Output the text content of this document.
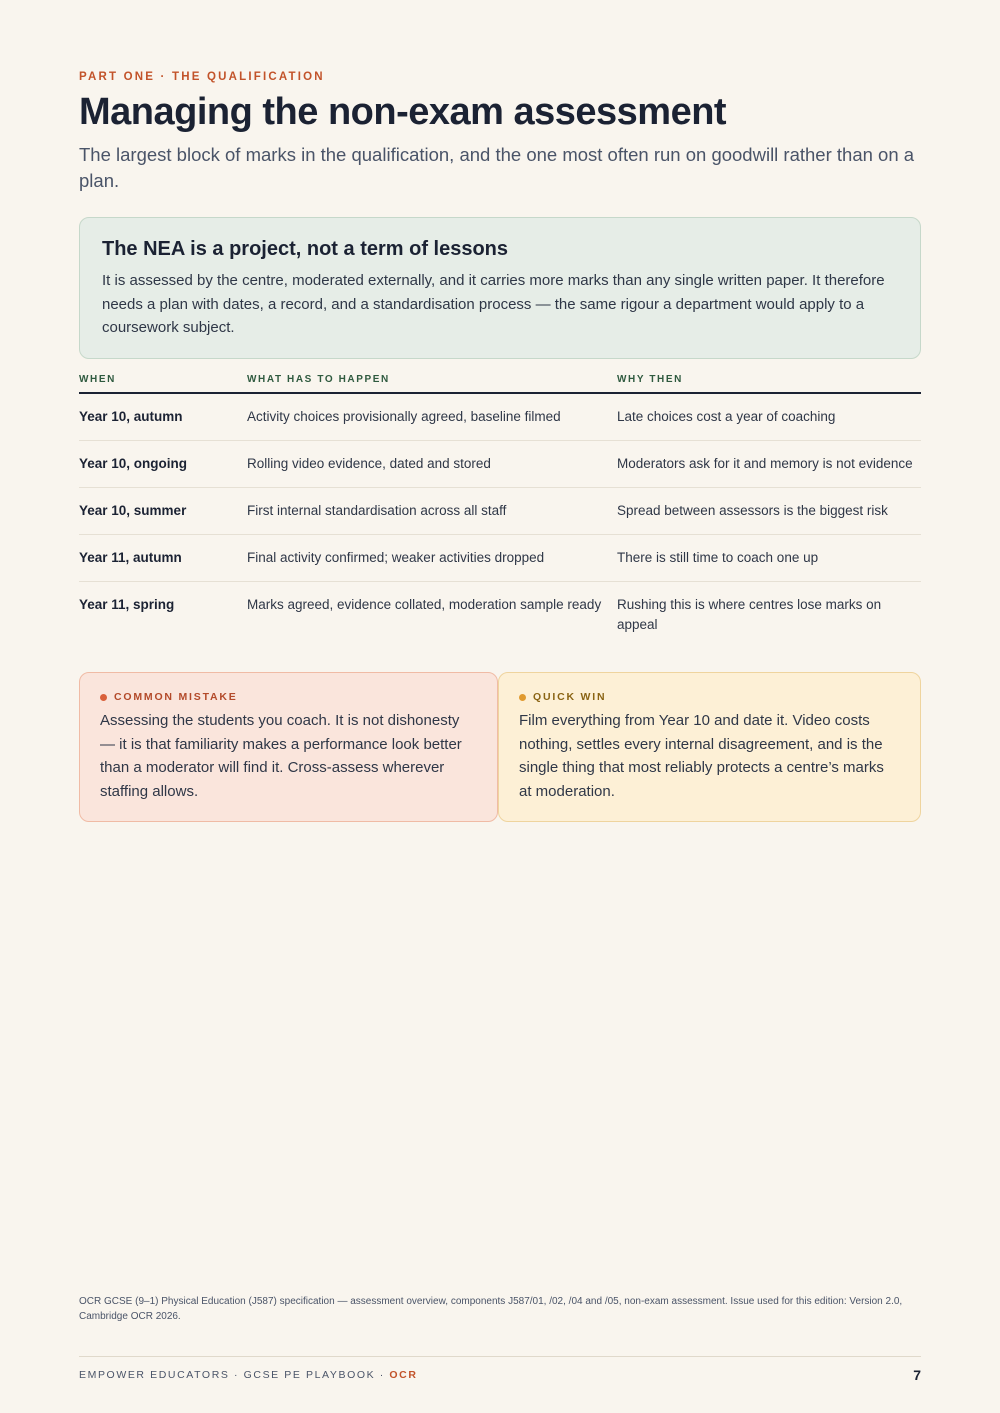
PART ONE · THE QUALIFICATION
Managing the non-exam assessment

The largest block of marks in the qualification, and the one most often run on goodwill rather than on a plan.

The NEA is a project, not a term of lessons

It is assessed by the centre, moderated externally, and it carries more marks than any single written paper. It therefore needs a plan with dates, a record, and a standardisation process — the same rigour a department would apply to a coursework subject.

WHEN	WHAT HAS TO HAPPEN	WHY THEN
Year 10, autumn	Activity choices provisionally agreed, baseline filmed	Late choices cost a year of coaching
Year 10, ongoing	Rolling video evidence, dated and stored	Moderators ask for it and memory is not evidence
Year 10, summer	First internal standardisation across all staff	Spread between assessors is the biggest risk
Year 11, autumn	Final activity confirmed; weaker activities dropped	There is still time to coach one up
Year 11, spring	Marks agreed, evidence collated, moderation sample ready	Rushing this is where centres lose marks on appeal
COMMON MISTAKE

Assessing the students you coach. It is not dishonesty — it is that familiarity makes a performance look better than a moderator will find it. Cross-assess wherever staffing allows.

QUICK WIN

Film everything from Year 10 and date it. Video costs nothing, settles every internal disagreement, and is the single thing that most reliably protects a centre’s marks at moderation.

OCR GCSE (9–1) Physical Education (J587) specification — assessment overview, components J587/01, /02, /04 and /05, non-exam assessment. Issue used for this edition: Version 2.0, Cambridge OCR 2026.

EMPOWER EDUCATORS · GCSE PE PLAYBOOK · OCR	7
